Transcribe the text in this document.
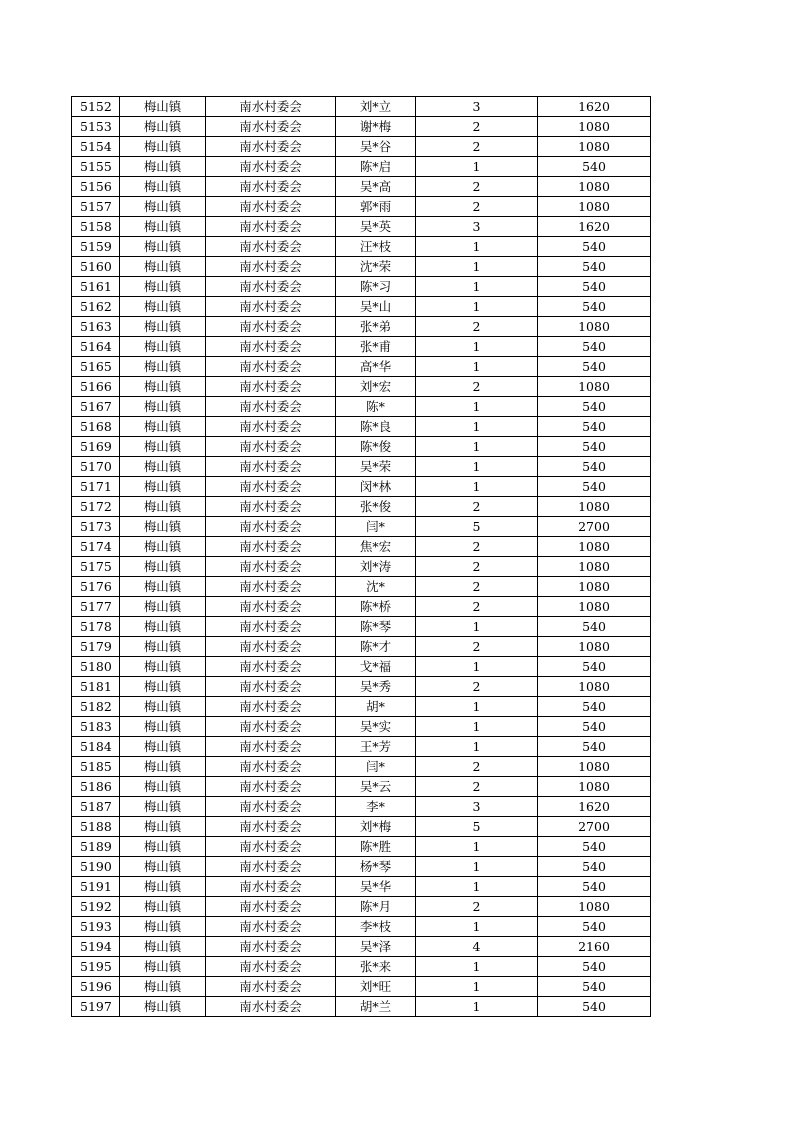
5152	梅山镇	南水村委会	刘*立	3	1620
5153	梅山镇	南水村委会	谢*梅	2	1080
5154	梅山镇	南水村委会	吴*谷	2	1080
5155	梅山镇	南水村委会	陈*启	1	540
5156	梅山镇	南水村委会	吴*高	2	1080
5157	梅山镇	南水村委会	郭*雨	2	1080
5158	梅山镇	南水村委会	吴*英	3	1620
5159	梅山镇	南水村委会	汪*枝	1	540
5160	梅山镇	南水村委会	沈*荣	1	540
5161	梅山镇	南水村委会	陈*习	1	540
5162	梅山镇	南水村委会	吴*山	1	540
5163	梅山镇	南水村委会	张*弟	2	1080
5164	梅山镇	南水村委会	张*甫	1	540
5165	梅山镇	南水村委会	高*华	1	540
5166	梅山镇	南水村委会	刘*宏	2	1080
5167	梅山镇	南水村委会	陈*	1	540
5168	梅山镇	南水村委会	陈*良	1	540
5169	梅山镇	南水村委会	陈*俊	1	540
5170	梅山镇	南水村委会	吴*荣	1	540
5171	梅山镇	南水村委会	闵*林	1	540
5172	梅山镇	南水村委会	张*俊	2	1080
5173	梅山镇	南水村委会	闫*	5	2700
5174	梅山镇	南水村委会	焦*宏	2	1080
5175	梅山镇	南水村委会	刘*涛	2	1080
5176	梅山镇	南水村委会	沈*	2	1080
5177	梅山镇	南水村委会	陈*桥	2	1080
5178	梅山镇	南水村委会	陈*琴	1	540
5179	梅山镇	南水村委会	陈*才	2	1080
5180	梅山镇	南水村委会	戈*福	1	540
5181	梅山镇	南水村委会	吴*秀	2	1080
5182	梅山镇	南水村委会	胡*	1	540
5183	梅山镇	南水村委会	吴*实	1	540
5184	梅山镇	南水村委会	王*芳	1	540
5185	梅山镇	南水村委会	闫*	2	1080
5186	梅山镇	南水村委会	吴*云	2	1080
5187	梅山镇	南水村委会	李*	3	1620
5188	梅山镇	南水村委会	刘*梅	5	2700
5189	梅山镇	南水村委会	陈*胜	1	540
5190	梅山镇	南水村委会	杨*琴	1	540
5191	梅山镇	南水村委会	吴*华	1	540
5192	梅山镇	南水村委会	陈*月	2	1080
5193	梅山镇	南水村委会	李*枝	1	540
5194	梅山镇	南水村委会	吴*泽	4	2160
5195	梅山镇	南水村委会	张*来	1	540
5196	梅山镇	南水村委会	刘*旺	1	540
5197	梅山镇	南水村委会	胡*兰	1	540
